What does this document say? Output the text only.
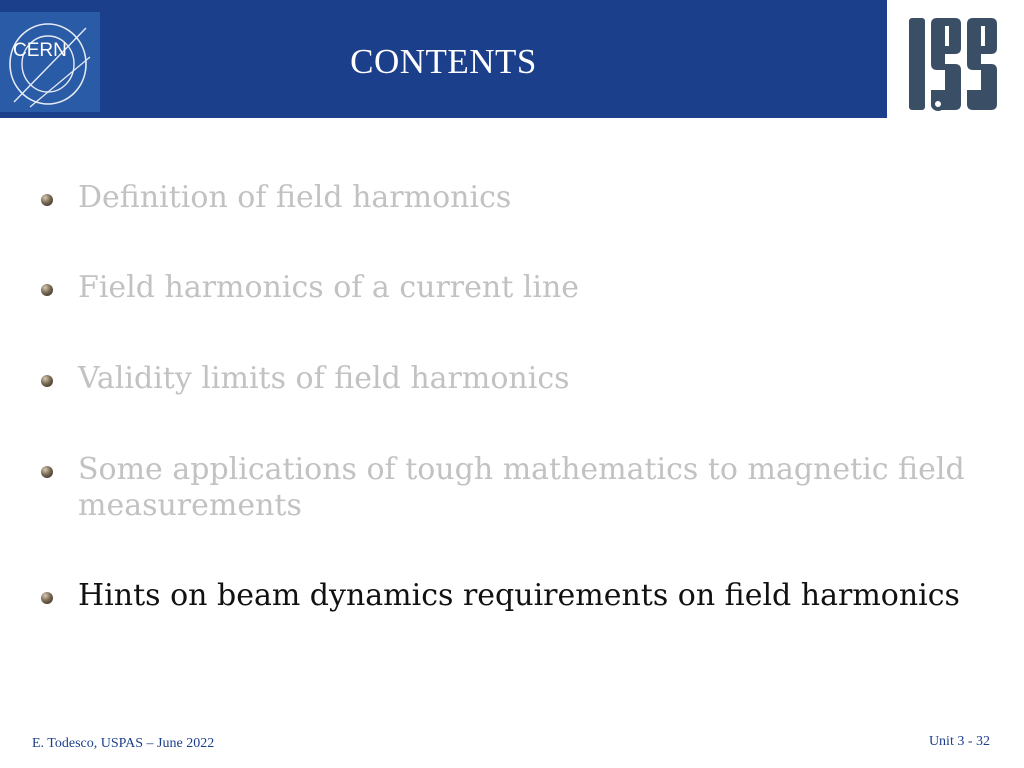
CERN	CONTENTS
Definition of field harmonics
Field harmonics of a current line
Validity limits of field harmonics
Some applications of tough mathematics to magnetic field measurements
Hints on beam dynamics requirements on field harmonics
E. Todesco, USPAS – June 2022	Unit 3 - 32
